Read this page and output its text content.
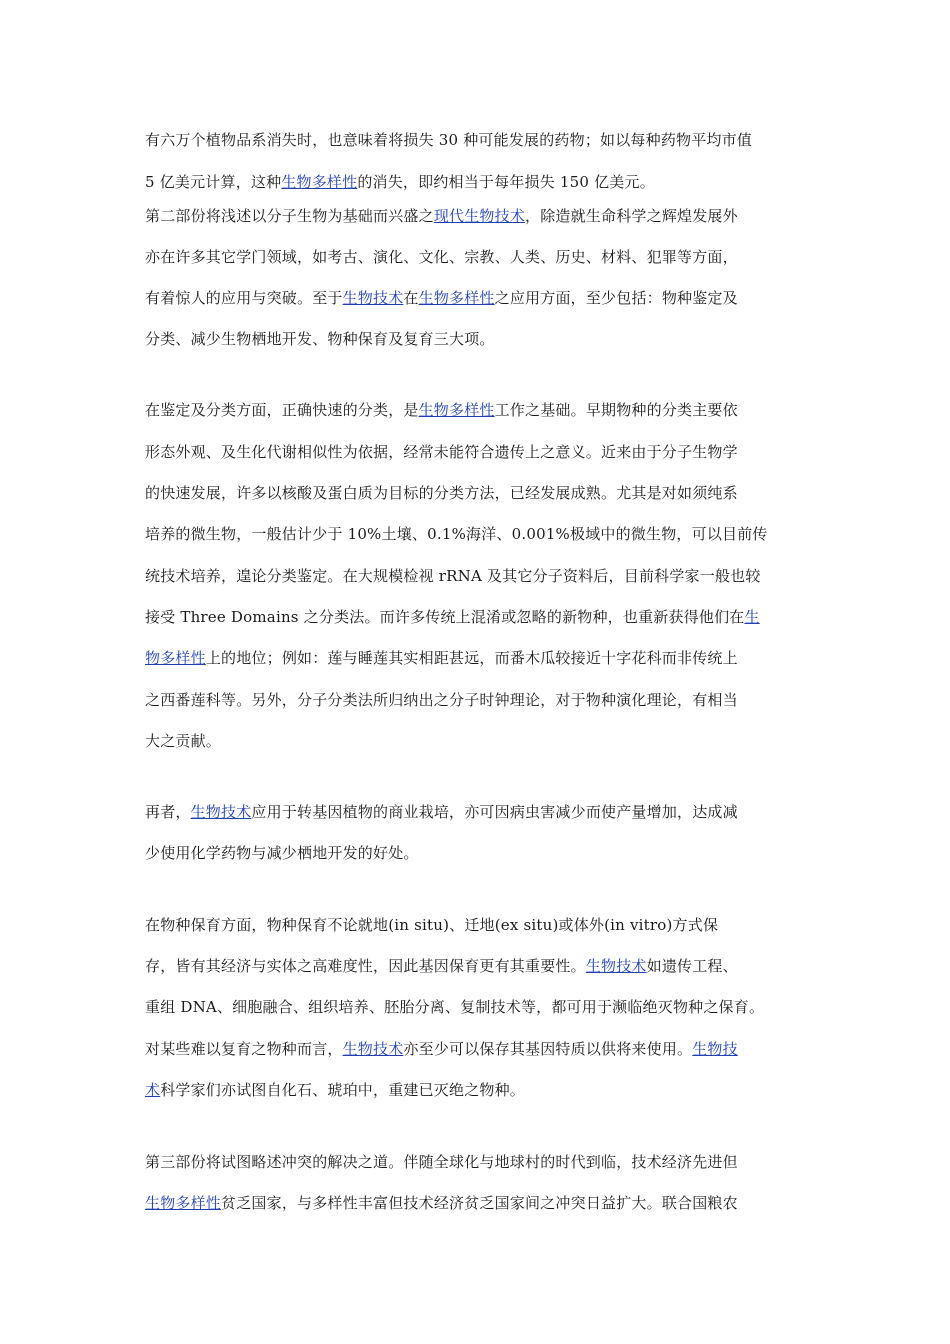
有六万个植物品系消失时，也意味着将损失 30 种可能发展的药物；如以每种药物平均市值
5 亿美元计算，这种生物多样性的消失，即约相当于每年损失 150 亿美元。
第二部份将浅述以分子生物为基础而兴盛之现代生物技术，除造就生命科学之辉煌发展外
亦在许多其它学门领域，如考古、演化、文化、宗教、人类、历史、材料、犯罪等方面，
有着惊人的应用与突破。至于生物技术在生物多样性之应用方面，至少包括：物种鉴定及
分类、减少生物栖地开发、物种保育及复育三大项。
在鉴定及分类方面，正确快速的分类，是生物多样性工作之基础。早期物种的分类主要依
形态外观、及生化代谢相似性为依据，经常未能符合遗传上之意义。近来由于分子生物学
的快速发展，许多以核酸及蛋白质为目标的分类方法，已经发展成熟。尤其是对如须纯系
培养的微生物，一般估计少于 10%土壤、0.1%海洋、0.001%极域中的微生物，可以目前传
统技术培养，遑论分类鉴定。在大规模检视 rRNA 及其它分子资料后，目前科学家一般也较
接受 Three Domains 之分类法。而许多传统上混淆或忽略的新物种，也重新获得他们在生
物多样性上的地位；例如：莲与睡莲其实相距甚远，而番木瓜较接近十字花科而非传统上
之西番莲科等。另外，分子分类法所归纳出之分子时钟理论，对于物种演化理论，有相当
大之贡献。
再者，生物技术应用于转基因植物的商业栽培，亦可因病虫害减少而使产量增加，达成减
少使用化学药物与减少栖地开发的好处。
在物种保育方面，物种保育不论就地(in situ)、迁地(ex situ)或体外(in vitro)方式保
存，皆有其经济与实体之高难度性，因此基因保育更有其重要性。生物技术如遗传工程、
重组 DNA、细胞融合、组织培养、胚胎分离、复制技术等，都可用于濒临绝灭物种之保育。
对某些难以复育之物种而言，生物技术亦至少可以保存其基因特质以供将来使用。生物技
术科学家们亦试图自化石、琥珀中，重建已灭绝之物种。
第三部份将试图略述冲突的解决之道。伴随全球化与地球村的时代到临，技术经济先进但
生物多样性贫乏国家，与多样性丰富但技术经济贫乏国家间之冲突日益扩大。联合国粮农
